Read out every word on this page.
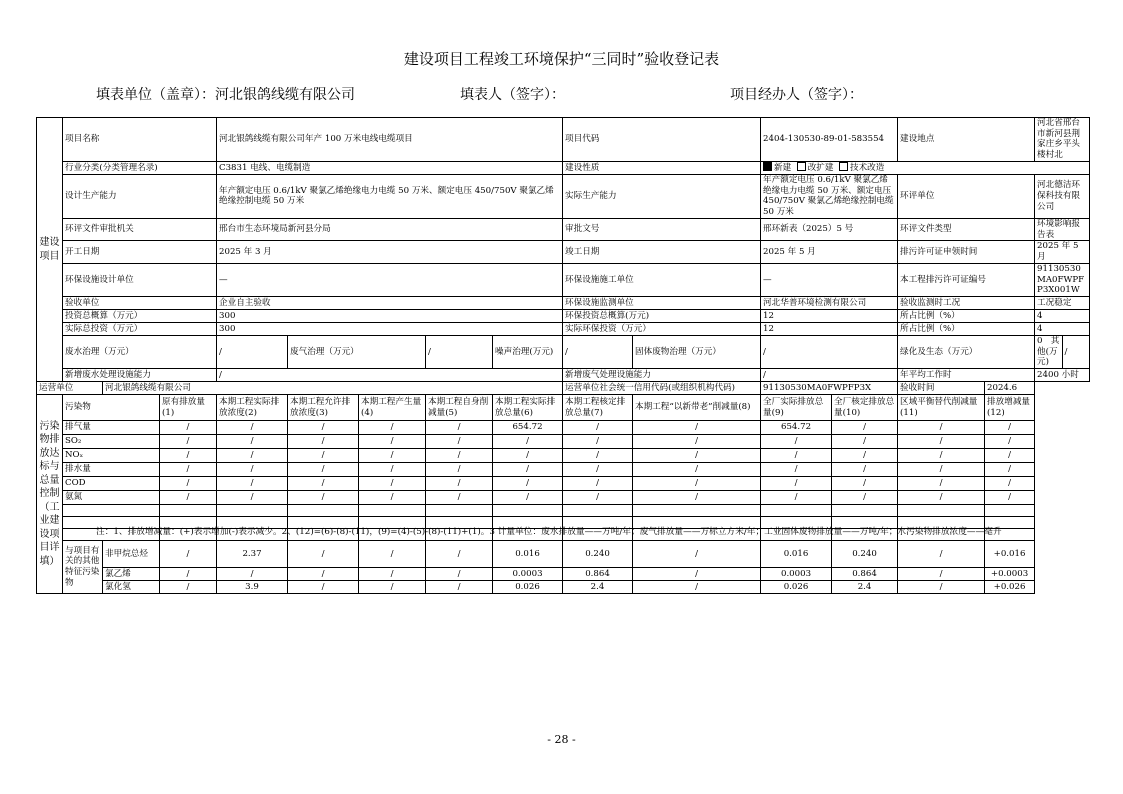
建设项目工程竣工环境保护“三同时”验收登记表
填表单位（盖章）：河北银鸽线缆有限公司	填表人（签字）：	项目经办人（签字）：
建设项目	项目名称			河北银鸽线缆有限公司年产 100 万米电线电缆项目					项目代码		2404-130530-89-01-583554		建设地点		河北省邢台市新河县荆家庄乡平头楼村北	
	行业分类(分类管理名录)			C3831 电线、电缆制造					建设性质		新建 改扩建 技术改造					
	设计生产能力			年产额定电压 0.6/1kV 聚氯乙烯绝缘电力电缆 50 万米、额定电压 450/750V 聚氯乙烯绝缘控制电缆 50 万米					实际生产能力		年产额定电压 0.6/1kV 聚氯乙烯绝缘电力电缆 50 万米、额定电压 450/750V 聚氯乙烯绝缘控制电缆 50 万米		环评单位		河北德洁环保科技有限公司	
	环评文件审批机关			邢台市生态环境局新河县分局					审批文号		邢环新表（2025）5 号		环评文件类型		环境影响报告表	
	开工日期			2025 年 3 月					竣工日期		2025 年 5 月		排污许可证申领时间		2025 年 5 月	
	环保设施设计单位			—					环保设施施工单位		—		本工程排污许可证编号		91130530MA0FWPFP3X001W	
	验收单位			企业自主验收					环保设施监测单位		河北华普环境检测有限公司		验收监测时工况		工况稳定	
	投资总概算（万元）			300					环保投资总概算(万元)		12		所占比例（%）		4	
	实际总投资（万元）			300					实际环保投资（万元）		12		所占比例（%）		4	
	废水治理（万元）			/	废气治理（万元）		/	噪声治理(万元)	/	固体废物治理（万元）	/		绿化及生态（万元）		0 其他(万元)	/
	新增废水处理设施能力			/					新增废气处理设施能力		/		年平均工作时		2400 小时	
运营单位		河北银鸽线缆有限公司							运营单位社会统一信用代码(或组织机构代码)		91130530MA0FWPFP3X		验收时间	2024.6		
污染物排放达标与总量控制（工业建设项目详填）	污染物		原有排放量(1)	本期工程实际排放浓度(2)	本期工程允许排放浓度(3)	本期工程产生量(4)	本期工程自身削减量(5)	本期工程实际排放总量(6)	本期工程核定排放总量(7)	本期工程“以新带老”削减量(8)	全厂实际排放总量(9)	全厂核定排放总量(10)	区域平衡替代削减量(11)	排放增减量(12)		
	排气量		/	/	/	/	/	654.72	/	/	654.72	/	/	/		
	SO₂		/	/	/	/	/	/	/	/	/	/	/	/		
	NOₓ		/	/	/	/	/	/	/	/	/	/	/	/		
	排水量		/	/	/	/	/	/	/	/	/	/	/	/		
	COD		/	/	/	/	/	/	/	/	/	/	/	/		
	氨氮		/	/	/	/	/	/	/	/	/	/	/	/		

	与项目有关的其他特征污染物	非甲烷总烃	/	2.37	/	/	/	0.016	0.240	/	0.016	0.240	/	+0.016		
		氯乙烯	/	/	/	/	/	0.0003	0.864	/	0.0003	0.864	/	+0.0003		
		氯化氢	/	3.9	/	/	/	0.026	2.4	/	0.026	2.4	/	+0.026		
注：1、排放增减量：(+)表示增加(-)表示减少。2、(12)=(6)-(8)-(11)，(9)=(4)-(5)-(8)-(11)+(1)。3 计量单位：废水排放量——万吨/年；废气排放量——万标立方米/年；工业固体废物排放量——万吨/年；水污染物排放浓度——毫升
- 28 -
